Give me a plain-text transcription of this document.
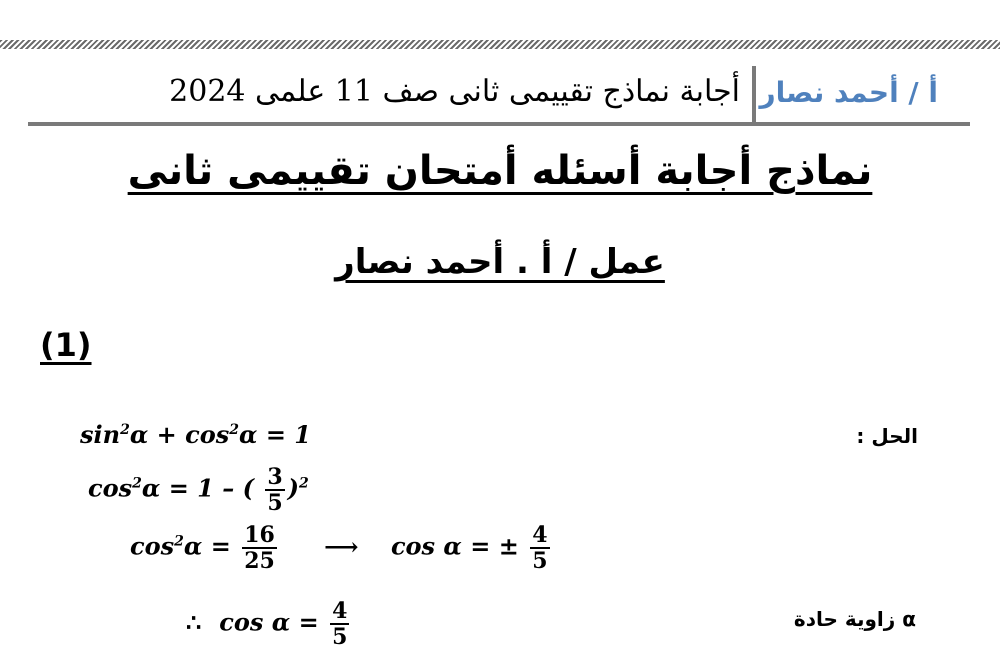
أجابة نماذج تقييمى ثانى صف 11 علمى 2024 أ / أحمد نصار
نماذج أجابة أسئله أمتحان تقييمى ثانى
عمل / أ . أحمد نصار
(1)
الحل :
$\sin^2\alpha + \cos^2\alpha = 1$
$\cos^2\alpha = 1$ – ( $\frac{3}{5} )^2$
$\cos^2\alpha = \frac{16}{25}$ ⟶ cos α = ± $\frac{4}{5}$
α زاوية حادة
∴ $\cos \alpha = \frac{4}{5}$
